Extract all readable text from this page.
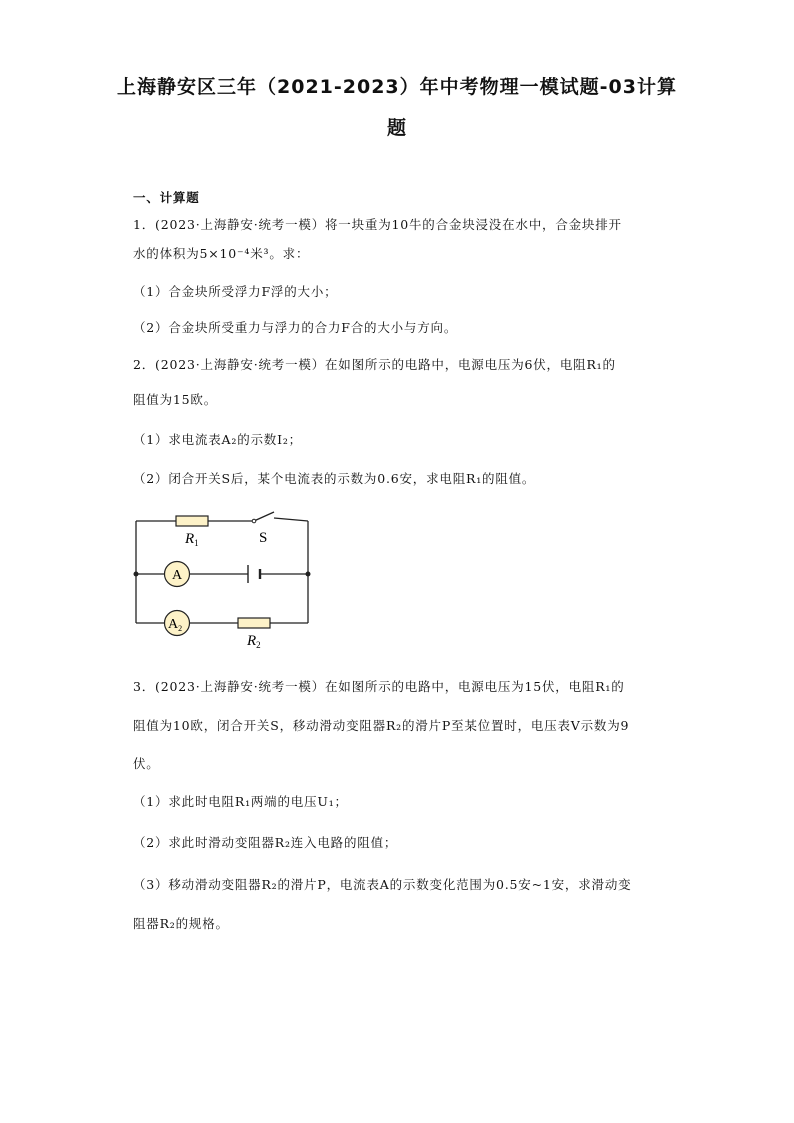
上海静安区三年（2021-2023）年中考物理一模试题-03计算
题
一、计算题
1．(2023·上海静安·统考一模）将一块重为10牛的合金块浸没在水中，合金块排开
水的体积为5×10⁻⁴米³。求：
（1）合金块所受浮力F浮的大小；
（2）合金块所受重力与浮力的合力F合的大小与方向。
2．(2023·上海静安·统考一模）在如图所示的电路中，电源电压为6伏，电阻R₁的
阻值为15欧。
（1）求电流表A₂的示数I₂；
（2）闭合开关S后，某个电流表的示数为0.6安，求电阻R₁的阻值。
$R_1$	S
A
$A_2$
$R_2$
3．(2023·上海静安·统考一模）在如图所示的电路中，电源电压为15伏，电阻R₁的
阻值为10欧，闭合开关S，移动滑动变阻器R₂的滑片P至某位置时，电压表V示数为9
伏。
（1）求此时电阻R₁两端的电压U₁；
（2）求此时滑动变阻器R₂连入电路的阻值；
（3）移动滑动变阻器R₂的滑片P，电流表A的示数变化范围为0.5安~1安，求滑动变
阻器R₂的规格。
